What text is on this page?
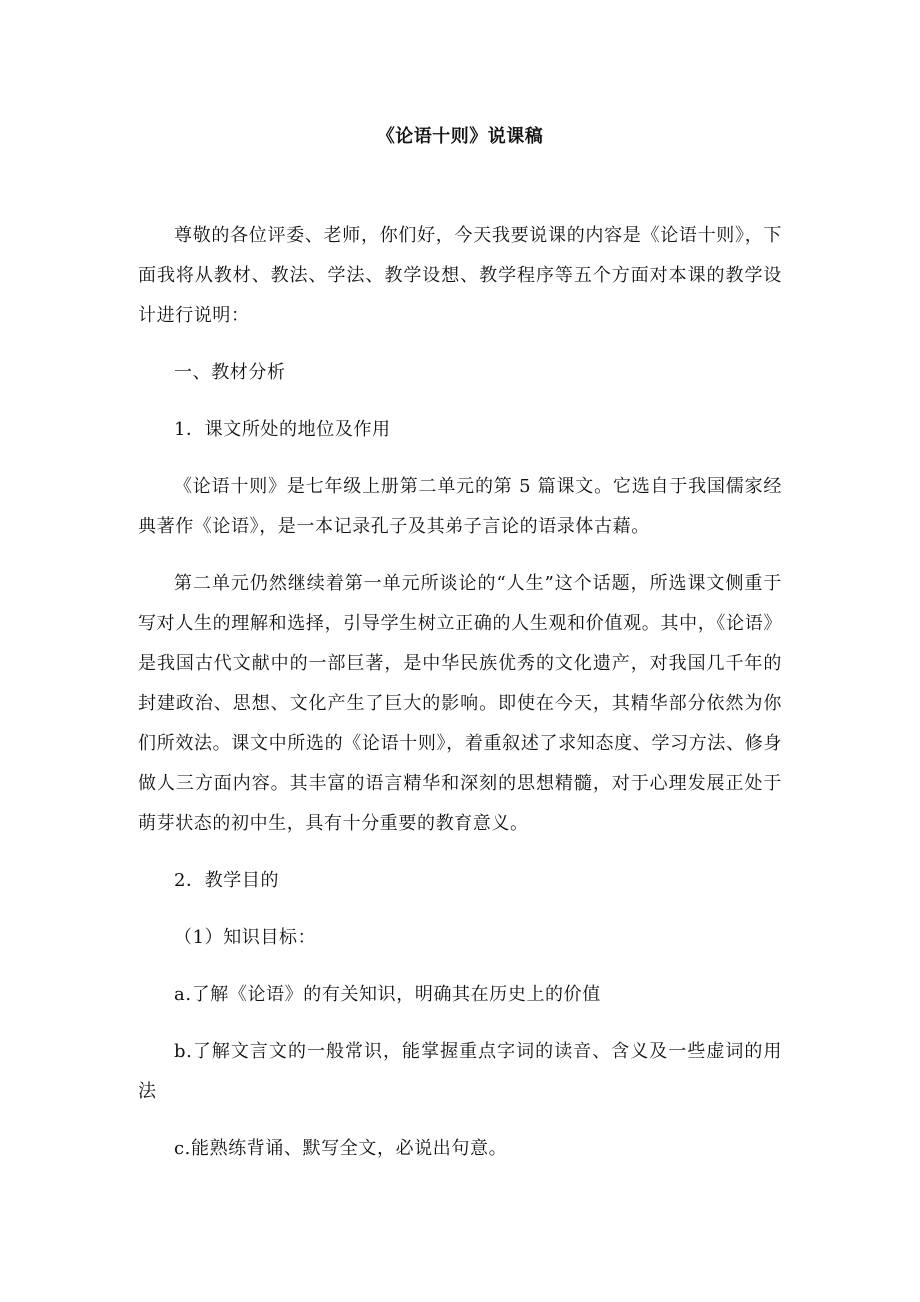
《论语十则》说课稿

尊敬的各位评委、老师，你们好，今天我要说课的内容是《论语十则》，下面我将从教材、教法、学法、教学设想、教学程序等五个方面对本课的教学设计进行说明：

一、教材分析

1．课文所处的地位及作用

《论语十则》是七年级上册第二单元的第 5 篇课文。它选自于我国儒家经典著作《论语》，是一本记录孔子及其弟子言论的语录体古藉。

第二单元仍然继续着第一单元所谈论的“人生”这个话题，所选课文侧重于写对人生的理解和选择，引导学生树立正确的人生观和价值观。其中，《论语》是我国古代文献中的一部巨著，是中华民族优秀的文化遗产，对我国几千年的封建政治、思想、文化产生了巨大的影响。即使在今天，其精华部分依然为你们所效法。课文中所选的《论语十则》，着重叙述了求知态度、学习方法、修身做人三方面内容。其丰富的语言精华和深刻的思想精髓，对于心理发展正处于萌芽状态的初中生，具有十分重要的教育意义。

2．教学目的

（1）知识目标：

a.了解《论语》的有关知识，明确其在历史上的价值

b.了解文言文的一般常识，能掌握重点字词的读音、含义及一些虚词的用法

c.能熟练背诵、默写全文，必说出句意。
